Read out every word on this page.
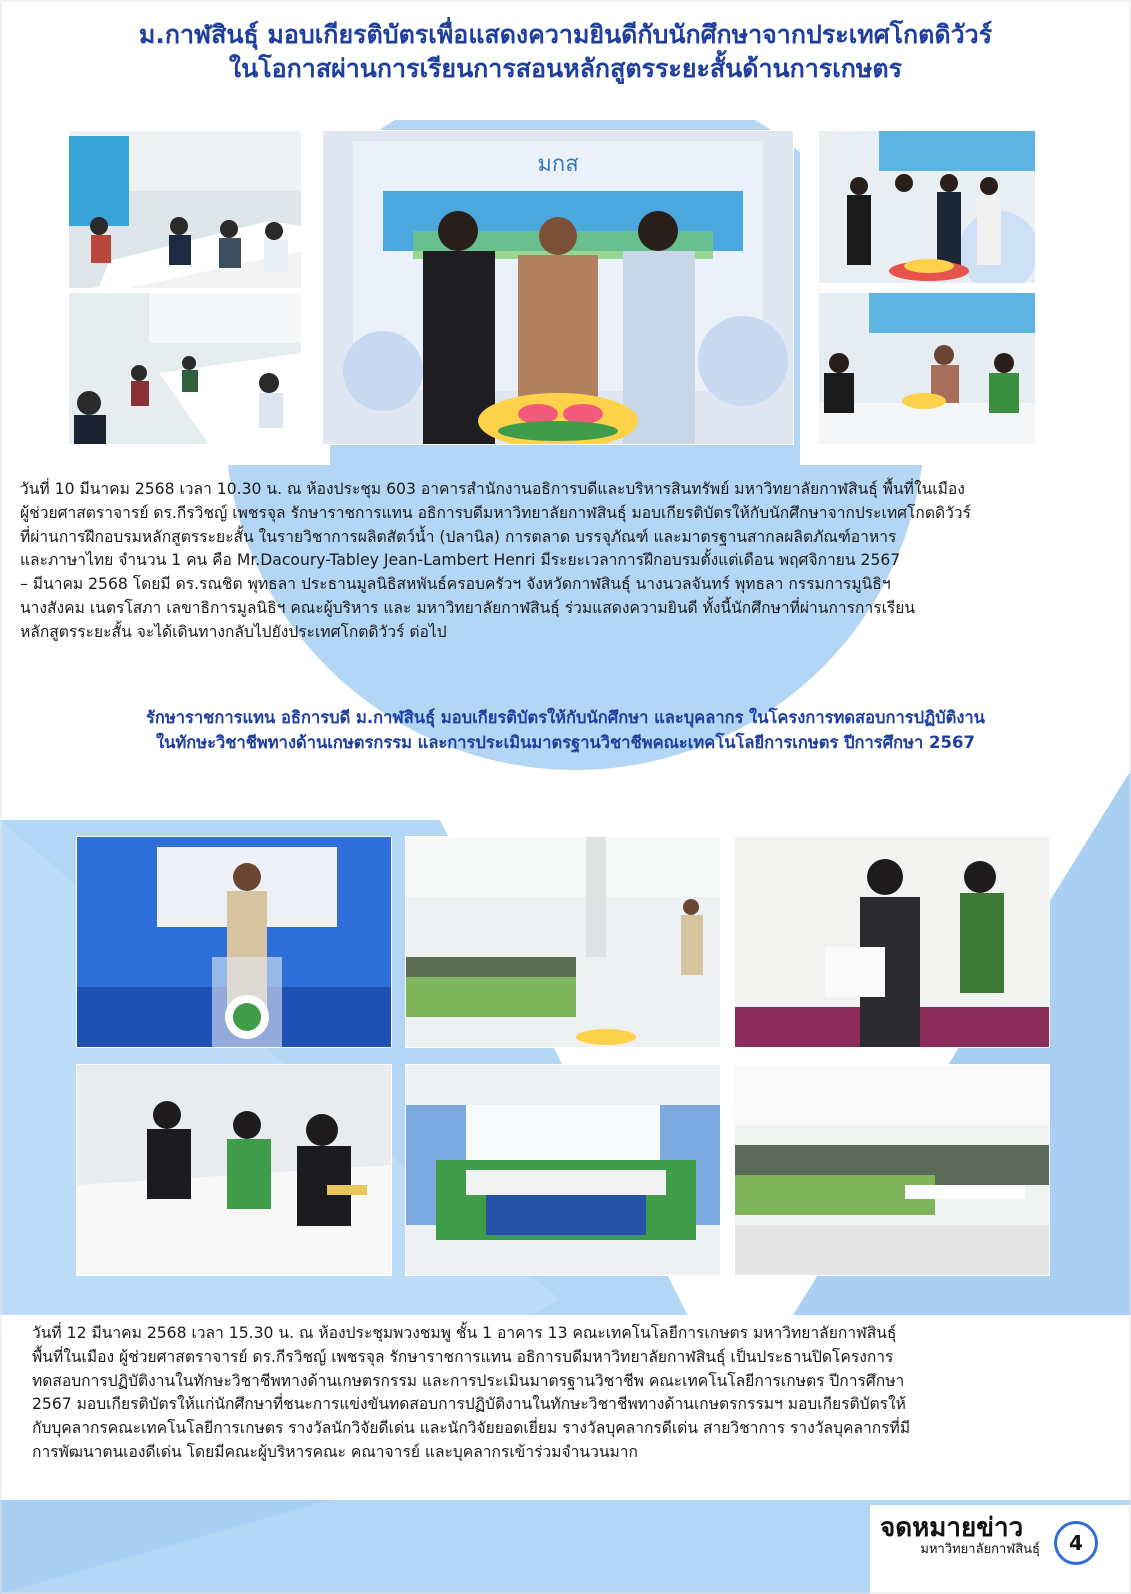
ม.กาฬสินธุ์ มอบเกียรติบัตรเพื่อแสดงความยินดีกับนักศึกษาจากประเทศโกตดิวัวร์
ในโอกาสผ่านการเรียนการสอนหลักสูตรระยะสั้นด้านการเกษตร
มกส
วันที่ 10 มีนาคม 2568 เวลา 10.30 น. ณ ห้องประชุม 603 อาคารสำนักงานอธิการบดีและบริหารสินทรัพย์ มหาวิทยาลัยกาฬสินธุ์ พื้นที่ในเมือง
ผู้ช่วยศาสตราจารย์ ดร.กีรวิชญ์ เพชรจุล รักษาราชการแทน อธิการบดีมหาวิทยาลัยกาฬสินธุ์ มอบเกียรติบัตรให้กับนักศึกษาจากประเทศโกตดิวัวร์
ที่ผ่านการฝึกอบรมหลักสูตรระยะสั้น ในรายวิชาการผลิตสัตว์น้ำ (ปลานิล) การตลาด บรรจุภัณฑ์ และมาตรฐานสากลผลิตภัณฑ์อาหาร
และภาษาไทย จำนวน 1 คน คือ Mr.Dacoury-Tabley Jean-Lambert Henri มีระยะเวลาการฝึกอบรมตั้งแต่เดือน พฤศจิกายน 2567
– มีนาคม 2568 โดยมี ดร.รณชิต พุทธลา ประธานมูลนิธิสหพันธ์ครอบครัวฯ จังหวัดกาฬสินธุ์ นางนวลจันทร์ พุทธลา กรรมการมูนิธิฯ
นางสังคม เนตรโสภา เลขาธิการมูลนิธิฯ คณะผู้บริหาร และ มหาวิทยาลัยกาฬสินธุ์ ร่วมแสดงความยินดี ทั้งนี้นักศึกษาที่ผ่านการการเรียน
หลักสูตรระยะสั้น จะได้เดินทางกลับไปยังประเทศโกตดิวัวร์ ต่อไป
รักษาราชการแทน อธิการบดี ม.กาฬสินธุ์ มอบเกียรติบัตรให้กับนักศึกษา และบุคลากร ในโครงการทดสอบการปฏิบัติงาน
ในทักษะวิชาชีพทางด้านเกษตรกรรม และการประเมินมาตรฐานวิชาชีพคณะเทคโนโลยีการเกษตร ปีการศึกษา 2567
วันที่ 12 มีนาคม 2568 เวลา 15.30 น. ณ ห้องประชุมพวงชมพู ชั้น 1 อาคาร 13 คณะเทคโนโลยีการเกษตร มหาวิทยาลัยกาฬสินธุ์
พื้นที่ในเมือง ผู้ช่วยศาสตราจารย์ ดร.กีรวิชญ์ เพชรจุล รักษาราชการแทน อธิการบดีมหาวิทยาลัยกาฬสินธุ์ เป็นประธานปิดโครงการ
ทดสอบการปฏิบัติงานในทักษะวิชาชีพทางด้านเกษตรกรรม และการประเมินมาตรฐานวิชาชีพ คณะเทคโนโลยีการเกษตร ปีการศึกษา
2567 มอบเกียรติบัตรให้แก่นักศึกษาที่ชนะการแข่งขันทดสอบการปฏิบัติงานในทักษะวิชาชีพทางด้านเกษตรกรรมฯ มอบเกียรติบัตรให้
กับบุคลากรคณะเทคโนโลยีการเกษตร รางวัลนักวิจัยดีเด่น และนักวิจัยยอดเยี่ยม รางวัลบุคลากรดีเด่น สายวิชาการ รางวัลบุคลากรที่มี
การพัฒนาตนเองดีเด่น โดยมีคณะผู้บริหารคณะ คณาจารย์ และบุคลากรเข้าร่วมจำนวนมาก
จดหมายข่าว
มหาวิทยาลัยกาฬสินธุ์ 4
